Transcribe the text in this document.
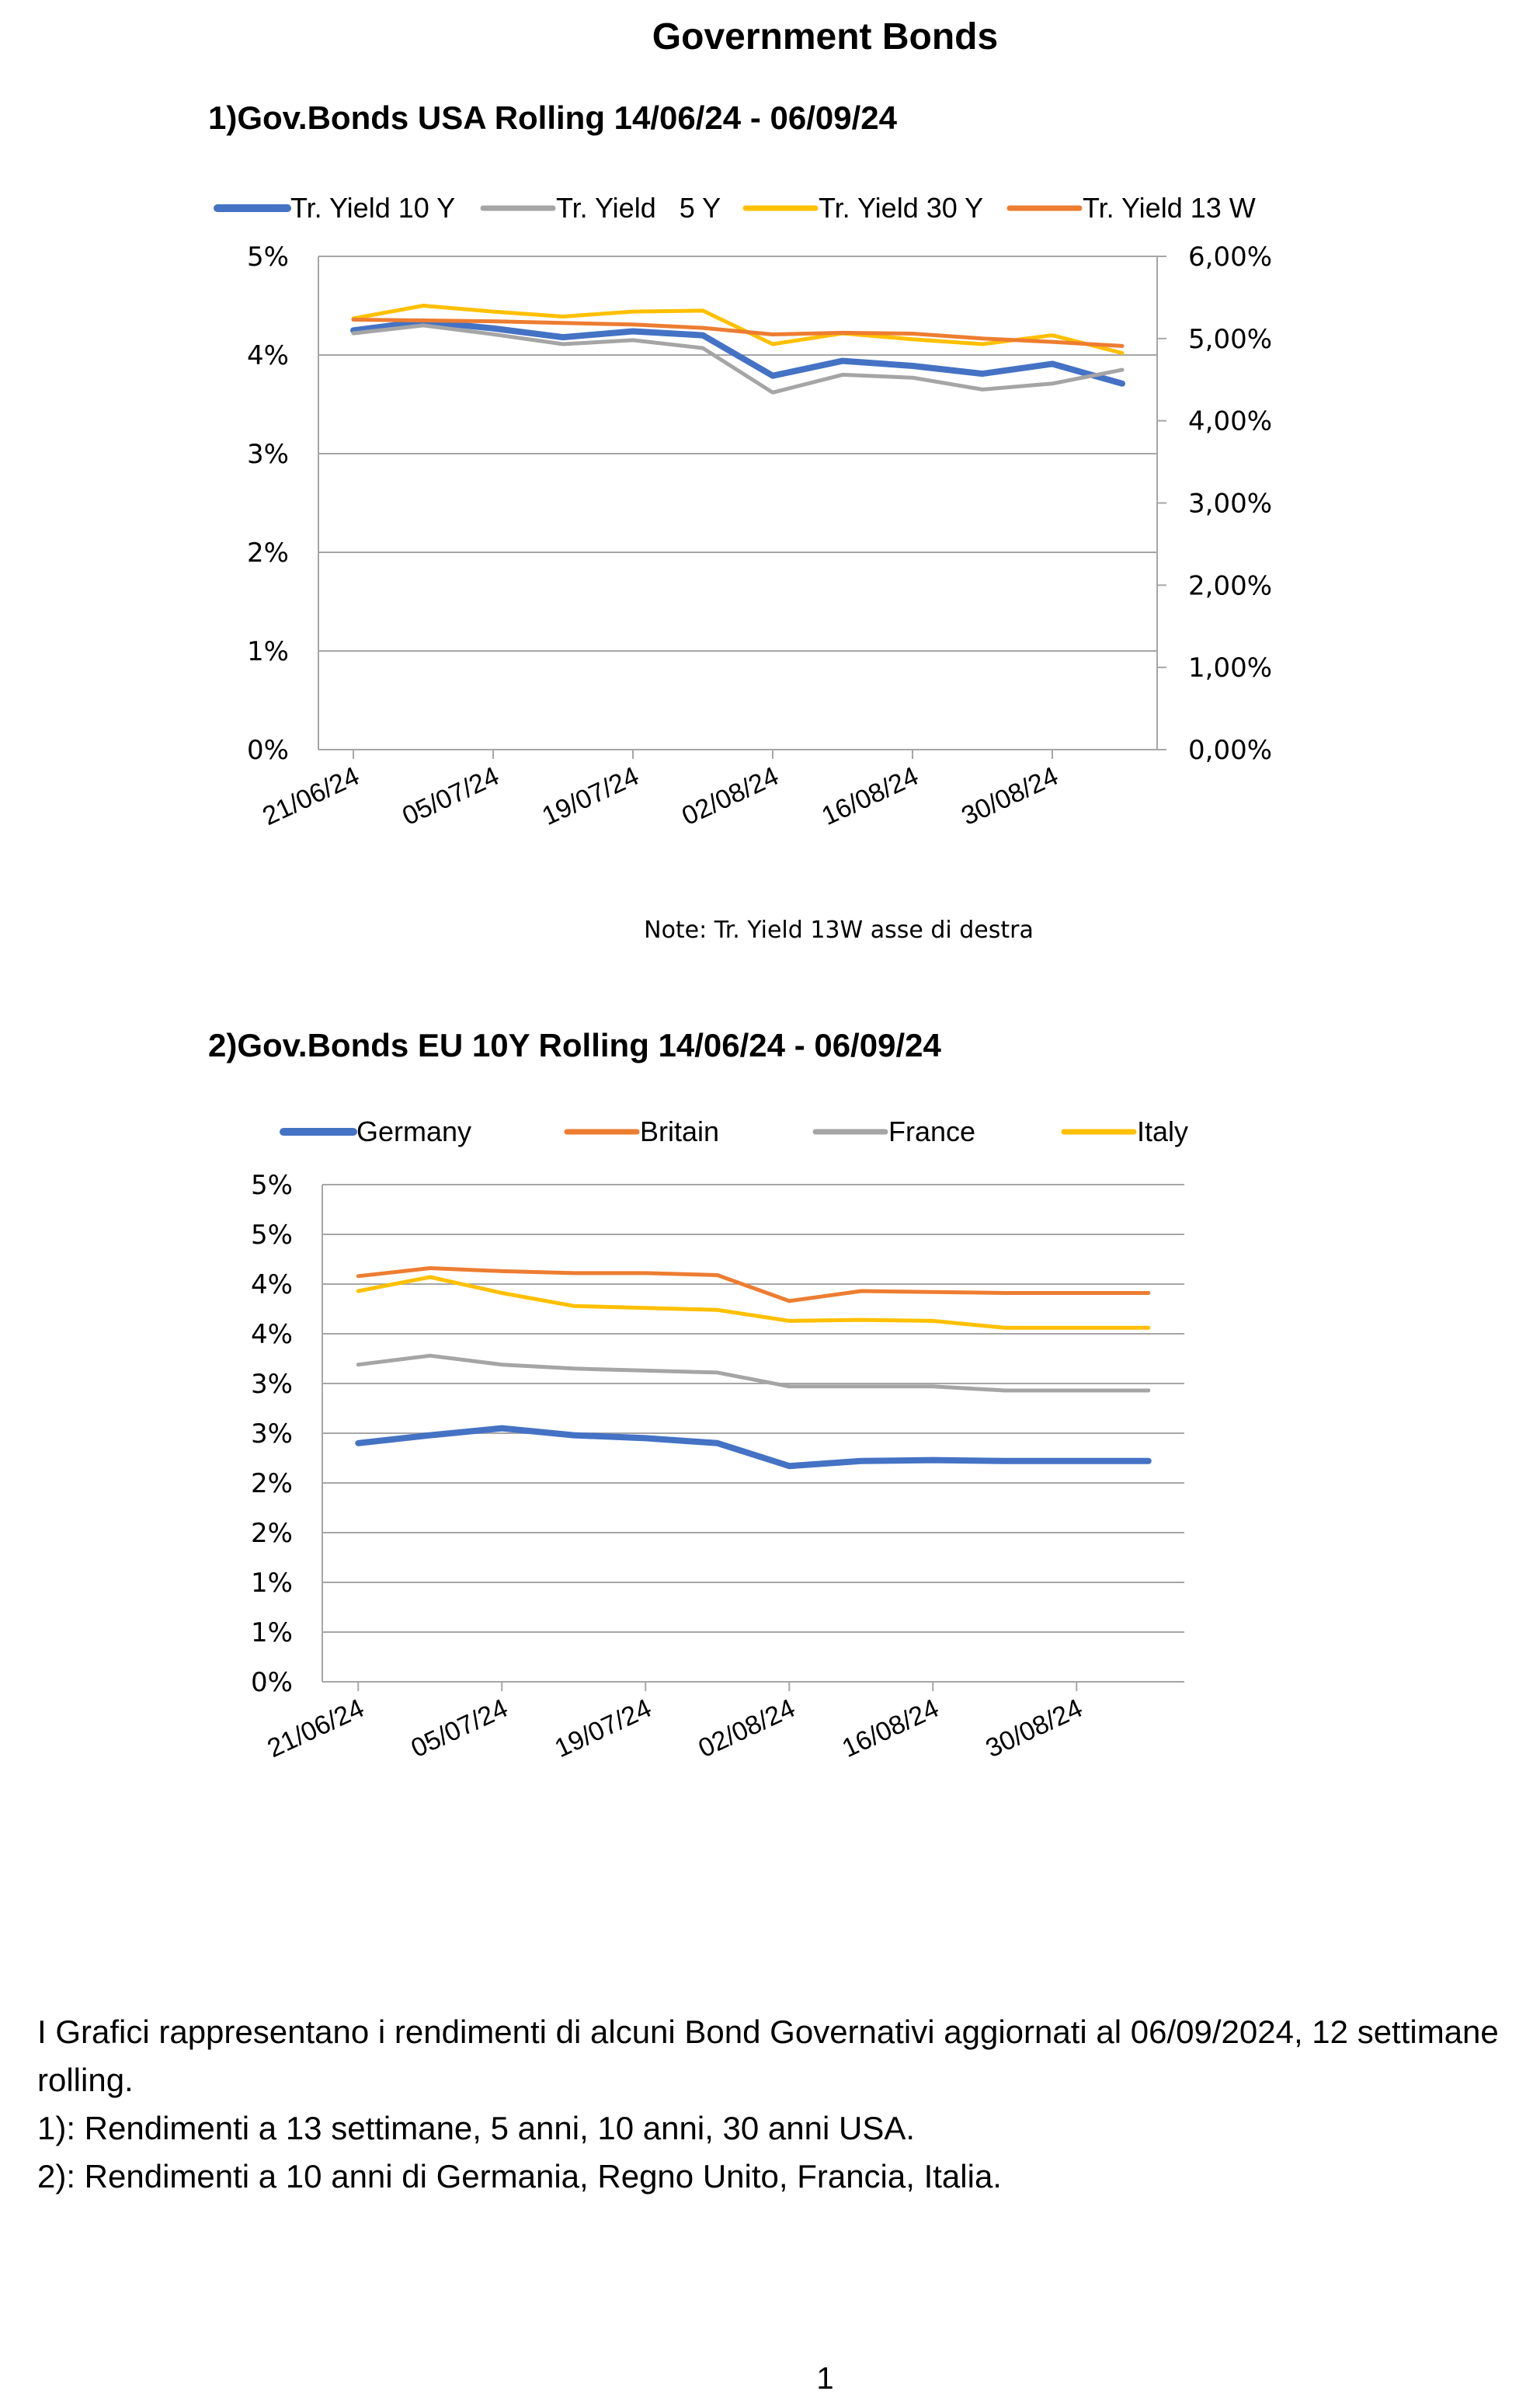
Government Bonds
1)Gov.Bonds USA Rolling 14/06/24 - 06/09/24
0%
1%
2%
3%
4%
5%
0,00%
1,00%
2,00%
3,00%
4,00%
5,00%
6,00%
21/06/24 05/07/24 19/07/24 02/08/24 16/08/24 30/08/24
Tr. Yield 10 Y	Tr. Yield   5 Y	Tr. Yield 30 Y	Tr. Yield 13 W
Note: Tr. Yield 13W asse di destra
2)Gov.Bonds EU 10Y Rolling 14/06/24 - 06/09/24
0%
1%
1%
2%
2%
3%
3%
4%
4%
5%
5%
21/06/24 05/07/24 19/07/24 02/08/24 16/08/24 30/08/24
Germany	Britain	France	Italy

I Grafici rappresentano i rendimenti di alcuni Bond Governativi aggiornati al 06/09/2024, 12 settimane rolling.

1): Rendimenti a 13 settimane, 5 anni, 10 anni, 30 anni USA.

2): Rendimenti a 10 anni di Germania, Regno Unito, Francia, Italia.

1
